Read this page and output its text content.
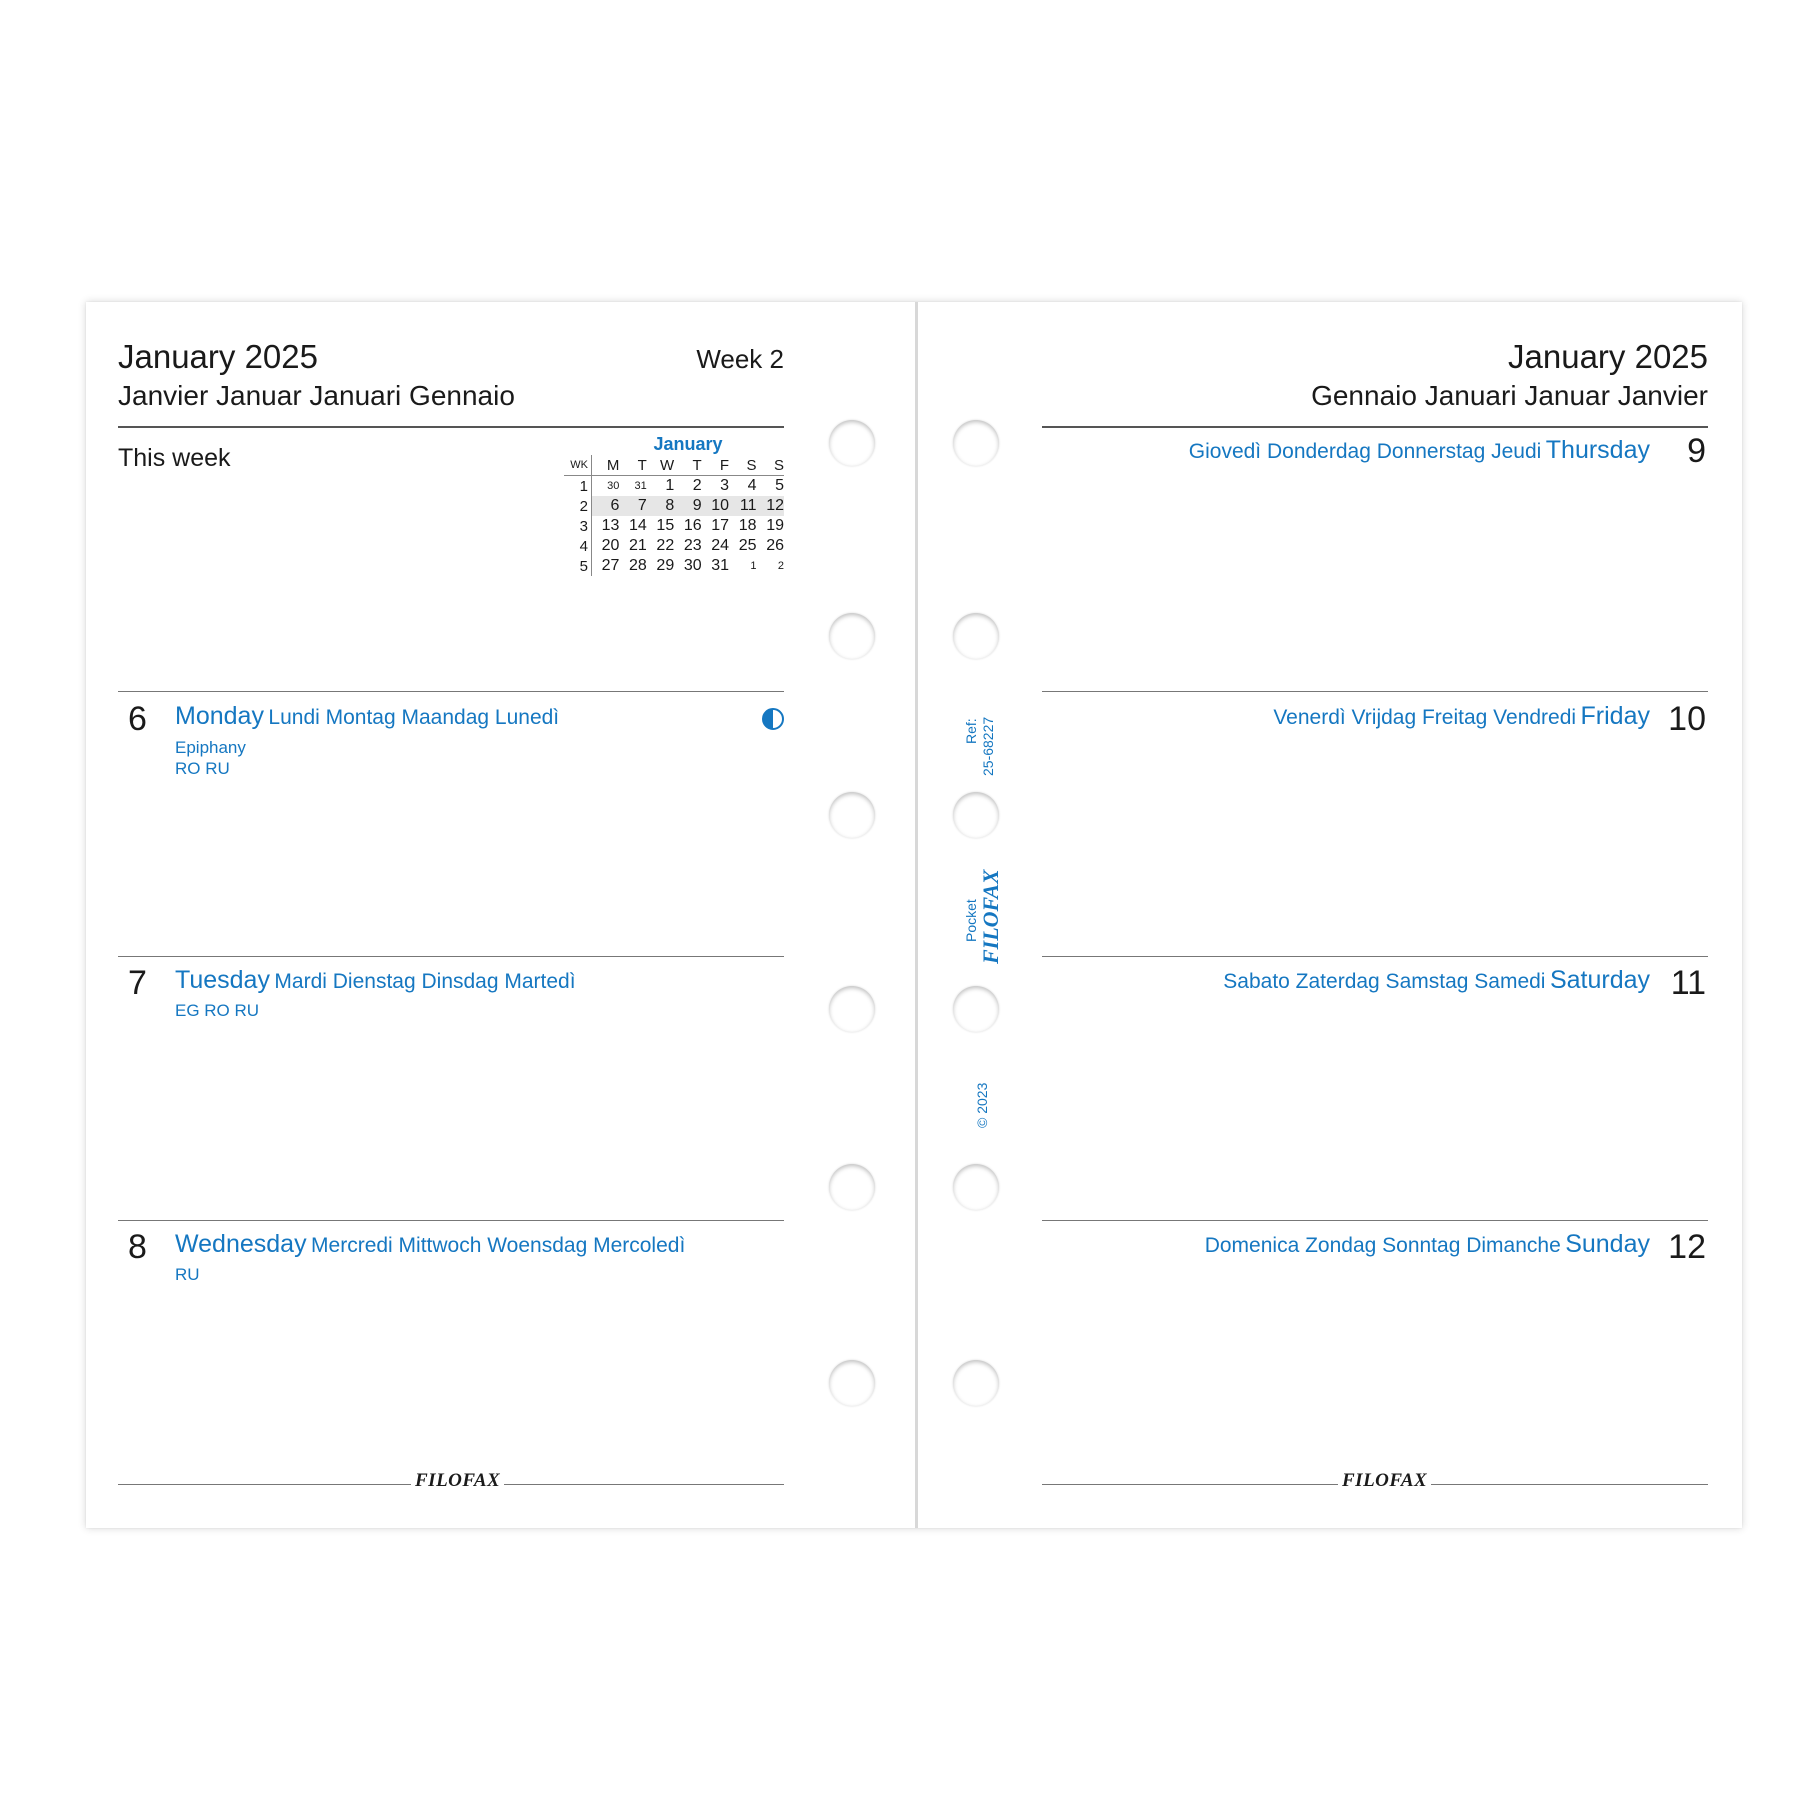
January 2025
Janvier Januar Januari Gennaio
Week 2
This week	January
WK	M	T	W	T	F	S	S
1	30	31	1	2	3	4	5
2	6	7	8	9	10	11	12
3	13	14	15	16	17	18	19
4	20	21	22	23	24	25	26
5	27	28	29	30	31	1	2
6 Monday Lundi Montag Maandag Lunedì
Epiphany
RO RU
7 Tuesday Mardi Dienstag Dinsdag Martedì
EG RO RU
8 Wednesday Mercredi Mittwoch Woensdag Mercoledì
RU
FILOFAX
January 2025
Gennaio Januari Januar Janvier
9
Giovedì Donderdag Donnerstag Jeudi Thursday
10
Venerdì Vrijdag Freitag Vendredi Friday
11
Sabato Zaterdag Samstag Samedi Saturday
12
Domenica Zondag Sonntag Dimanche Sunday
FILOFAX
Ref: 25-68227
Pocket FILOFAX
© 2023
